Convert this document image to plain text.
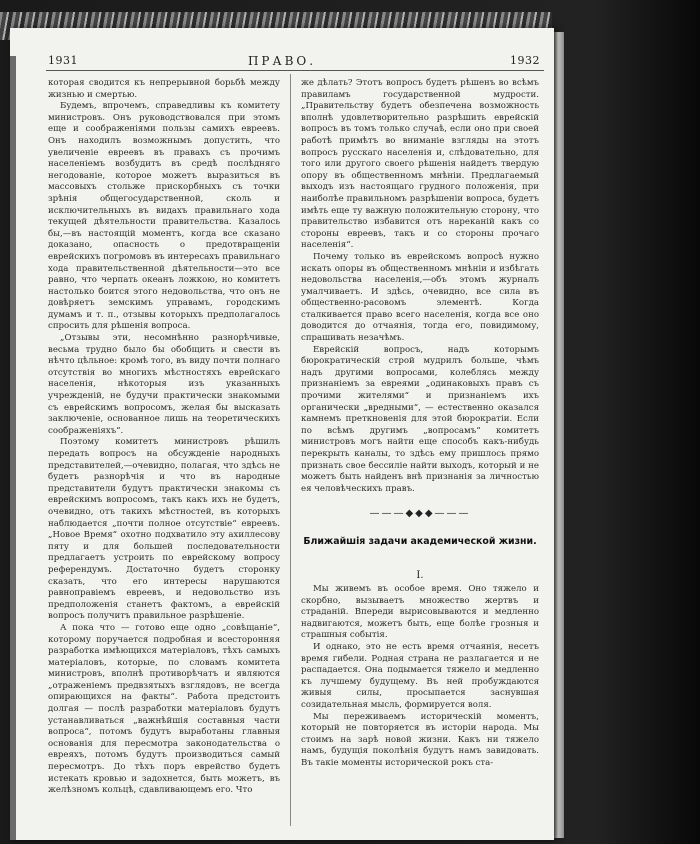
1931	ПРАВО.	1932

которая сводится къ непрерывной борьбѣ между жизнью и смертью.

Будемъ, впрочемъ, справедливы къ комитету министровъ. Онъ руководствовался при этомъ еще и соображеніями пользы самихъ евреевъ. Онъ находилъ возможнымъ допустить, что увеличеніе евреевъ въ правахъ съ прочимъ населеніемъ возбудитъ въ средѣ послѣдняго негодованіе, которое можетъ выразиться въ массовыхъ стольже прискорбныхъ съ точки зрѣнія общегосударственной, сколь и исключительныхъ въ видахъ правильнаго хода текущей дѣятельности правительства. Казалось бы,—въ настоящій моментъ, когда все сказано доказано, опасность о предотвращеніи еврейскихъ погромовъ въ интересахъ правильнаго хода правительственной дѣятельности—это все равно, что черпать океанъ ложкою, но комитетъ настолько боится этого недовольства, что онъ не довѣряетъ земскимъ управамъ, городскимъ думамъ и т. п., отзывы которыхъ предполагалось спросить для рѣшенія вопроса.

„Отзывы эти, несомнѣнно разнорѣчивые, весьма трудно было бы обобщить и свести въ нѣчто цѣльное: кромѣ того, въ виду почти полнаго отсутствія во многихъ мѣстностяхъ еврейскаго населенія, нѣкоторыя изъ указанныхъ учрежденій, не будучи практически знакомыми съ еврейскимъ вопросомъ, желая бы высказать заключеніе, основанное лишь на теоретическихъ соображеніяхъ“.

Поэтому комитетъ министровъ рѣшилъ передать вопросъ на обсужденіе народныхъ представителей,—очевидно, полагая, что здѣсь не будетъ разнорѣчія и что въ народные представители будутъ практически знакомы съ еврейскимъ вопросомъ, такъ какъ ихъ не будетъ, очевидно, отъ такихъ мѣстностей, въ которыхъ наблюдается „почти полное отсутствіе“ евреевъ. „Новое Время“ охотно подхватило эту ахиллесову пяту и для большей последовательности предлагаетъ устроить по еврейскому вопросу референдумъ. Достаточно будетъ сторонку сказать, что его интересы нарушаются равноправіемъ евреевъ, и недовольство изъ предположенія станетъ фактомъ, а еврейскій вопросъ получитъ правильное разрѣшеніе.

А пока что — готово еще одно „совѣщаніе“, которому поручается подробная и всесторонняя разработка имѣющихся матеріаловъ, тѣхъ самыхъ матеріаловъ, которые, по словамъ комитета министровъ, вполнѣ противорѣчатъ и являются „отраженіемъ предвзятыхъ взглядовъ, не всегда опирающихся на факты“. Работа предстоитъ долгая — послѣ разработки матеріаловъ будутъ устанавливаться „важнѣйшія составныя части вопроса“, потомъ будутъ выработаны главныя основанія для пересмотра законодательства о евреяхъ, потомъ будутъ производиться самый пересмотръ. До тѣхъ поръ еврейство будетъ истекать кровью и задохнется, быть можетъ, въ желѣзномъ кольцѣ, сдавливающемъ его. Что

же дѣлать? Этотъ вопросъ будетъ рѣшенъ во всѣмъ правиламъ государственной мудрости. „Правительству будетъ обезпечена возможность вполнѣ удовлетворительно разрѣшить еврейскій вопросъ въ томъ только случаѣ, если оно при своей работѣ примѣтъ во вниманіе взгляды на этотъ вопросъ русскаго населенія и, слѣдовательно, для того или другого своего рѣшенія найдетъ твердую опору въ общественномъ мнѣніи. Предлагаемый выходъ изъ настоящаго грудного положенія, при наиболѣе правильномъ разрѣшеніи вопроса, будетъ имѣть еще ту важную положительную сторону, что правительство избавится отъ нареканій какъ со стороны евреевъ, такъ и со стороны прочаго населенія“.

Почему только въ еврейскомъ вопросѣ нужно искать опоры въ общественномъ мнѣніи и избѣгать недовольства населенія,—объ этомъ журналъ умалчиваетъ. И здѣсь, очевидно, все сила въ общественно-расовомъ элементѣ. Когда сталкивается право всего населенія, когда все оно доводится до отчаянія, тогда его, повидимому, спрашивать незачѣмъ.

Еврейскій вопросъ, надъ которымъ бюрократическій строй мудрилъ больше, чѣмъ надъ другими вопросами, колеблясь между признаніемъ за евреями „одинаковыхъ правъ съ прочими жителями“ и признаніемъ ихъ органически „вредными“, — естественно оказался камнемъ преткновенія для этой бюрократіи. Если по всѣмъ другимъ „вопросамъ“ комитетъ министровъ могъ найти еще способъ какъ-нибудь перекрыть каналы, то здѣсь ему пришлось прямо признать свое бессиліе найти выходъ, который и не можетъ быть найденъ внѣ признанія за личностью ея человѣческихъ правъ.

———◆◆◆———
Ближайшія задачи академической жизни.
I.

Мы живемъ въ особое время. Оно тяжело и скорбно, вызываетъ множество жертвъ и страданій. Впереди вырисовываются и медленно надвигаются, можетъ быть, еще болѣе грозныя и страшныя событія.

И однако, это не есть время отчаянія, несетъ время гибели. Родная страна не разлагается и не распадается. Она подымается тяжело и медленно къ лучшему будущему. Въ ней пробуждаются живыя силы, просыпается заснувшая созидательная мысль, формируется воля.

Мы переживаемъ историческій моментъ, который не повторяется въ исторіи народа. Мы стоимъ на зарѣ новой жизни. Какъ ни тяжело намъ, будущія поколѣнія будутъ намъ завидовать. Въ такіе моменты исторической рокъ ста-
